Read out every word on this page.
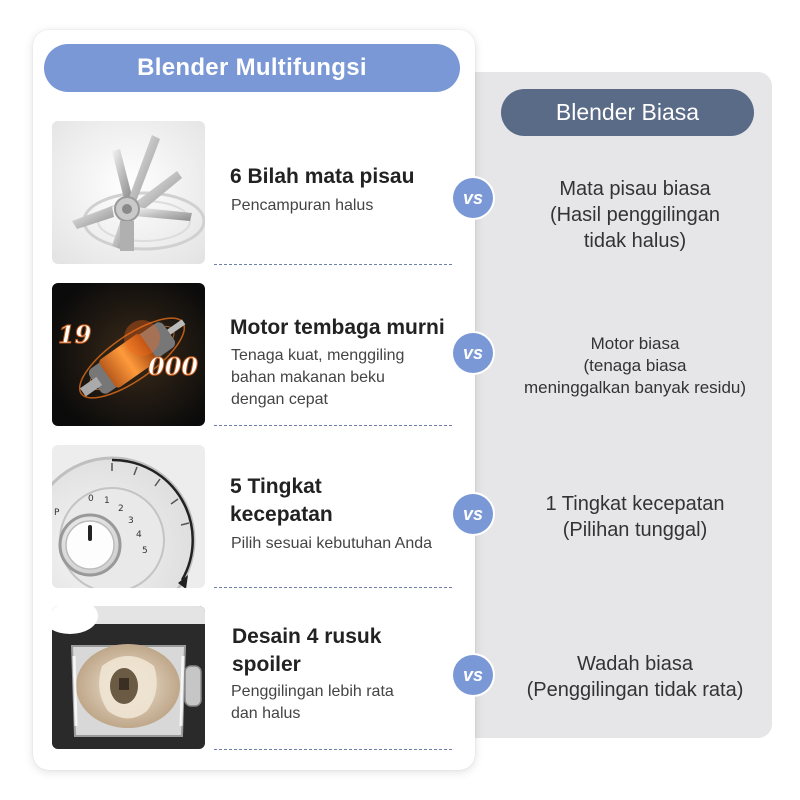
Blender Multifungsi
Blender Biasa
6 Bilah mata pisau
Pencampuran halus	vs	Mata pisau biasa
(Hasil penggilingan
tidak halus)
19
000
Motor tembaga murni
Tenaga kuat, menggiling
bahan makanan beku
dengan cepat
vs	Motor biasa
(tenaga biasa
meninggalkan banyak residu)
P
0 1
2
3
4
5
5 Tingkat
kecepatan
Pilih sesuai kebutuhan Anda
vs	1 Tingkat kecepatan
(Pilihan tunggal)
Desain 4 rusuk
spoiler
Penggilingan lebih rata
dan halus
vs	Wadah biasa
(Penggilingan tidak rata)
